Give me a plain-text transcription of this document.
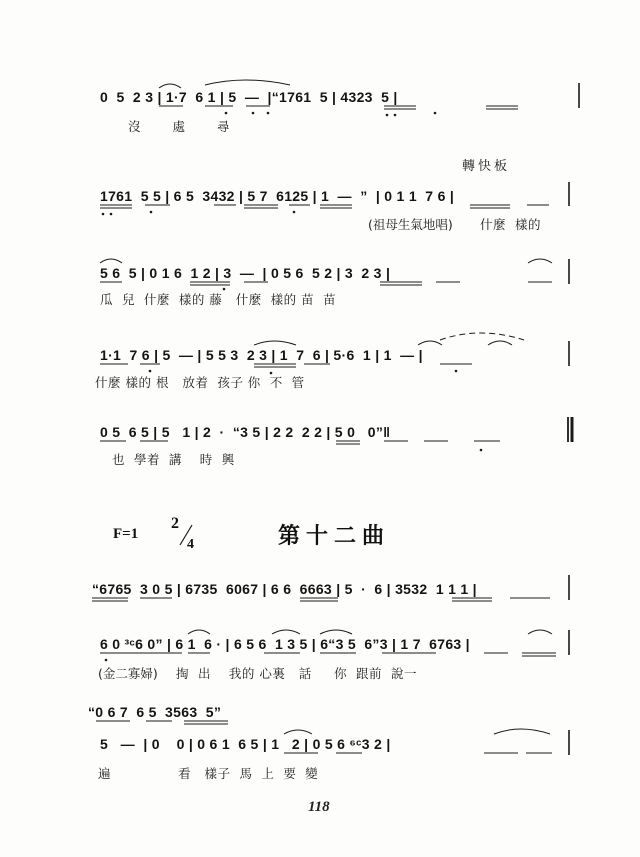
0  5  2 3 | 1·7  6 1 | 5  —  |“1761  5 | 4323  5 |
沒 處 尋
轉快板
1761  5 5 | 6 5  3432 | 5 7  6125 | 1  —  ”  | 0 1 1  7 6 |
(祖母生氣地唱) 什麼  樣的
5 6  5 | 0 1 6  1 2 | 3  —  | 0 5 6  5 2 | 3  2 3 |
瓜  兒  什麼  樣的 藤   什麼  樣的 苗  苗
1·1  7 6 | 5  — | 5 5 3  2 3 | 1  7  6 | 5·6  1 | 1  — |
什麼 樣的 根   放着  孩子 你  不  管
0 5  6 5 | 5   1 | 2  ·  “3 5 | 2 2  2 2 | 5 0   0”‖
也  學着  講    時  興
F=1
2
4	第十二曲
“6765  3 0 5 | 6735  6067 | 6 6  6663 | 5  ·  6 | 3532  1 1 1 |
6 0 ³ᶜ6 0” | 6 1  6 · | 6 5 6  1 3 5 | 6“3 5  6”3 | 1 7  6763 |
(金二寡婦) 掏  出    我的 心裏   話     你  跟前  說一
“0 6 7  6 5  3563  5”
5   —  | 0    0 | 0 6 1  6 5 | 1   2 | 0 5 6 ⁶ᶜ3 2 |
遍               看   樣子  馬  上  要  變
118
